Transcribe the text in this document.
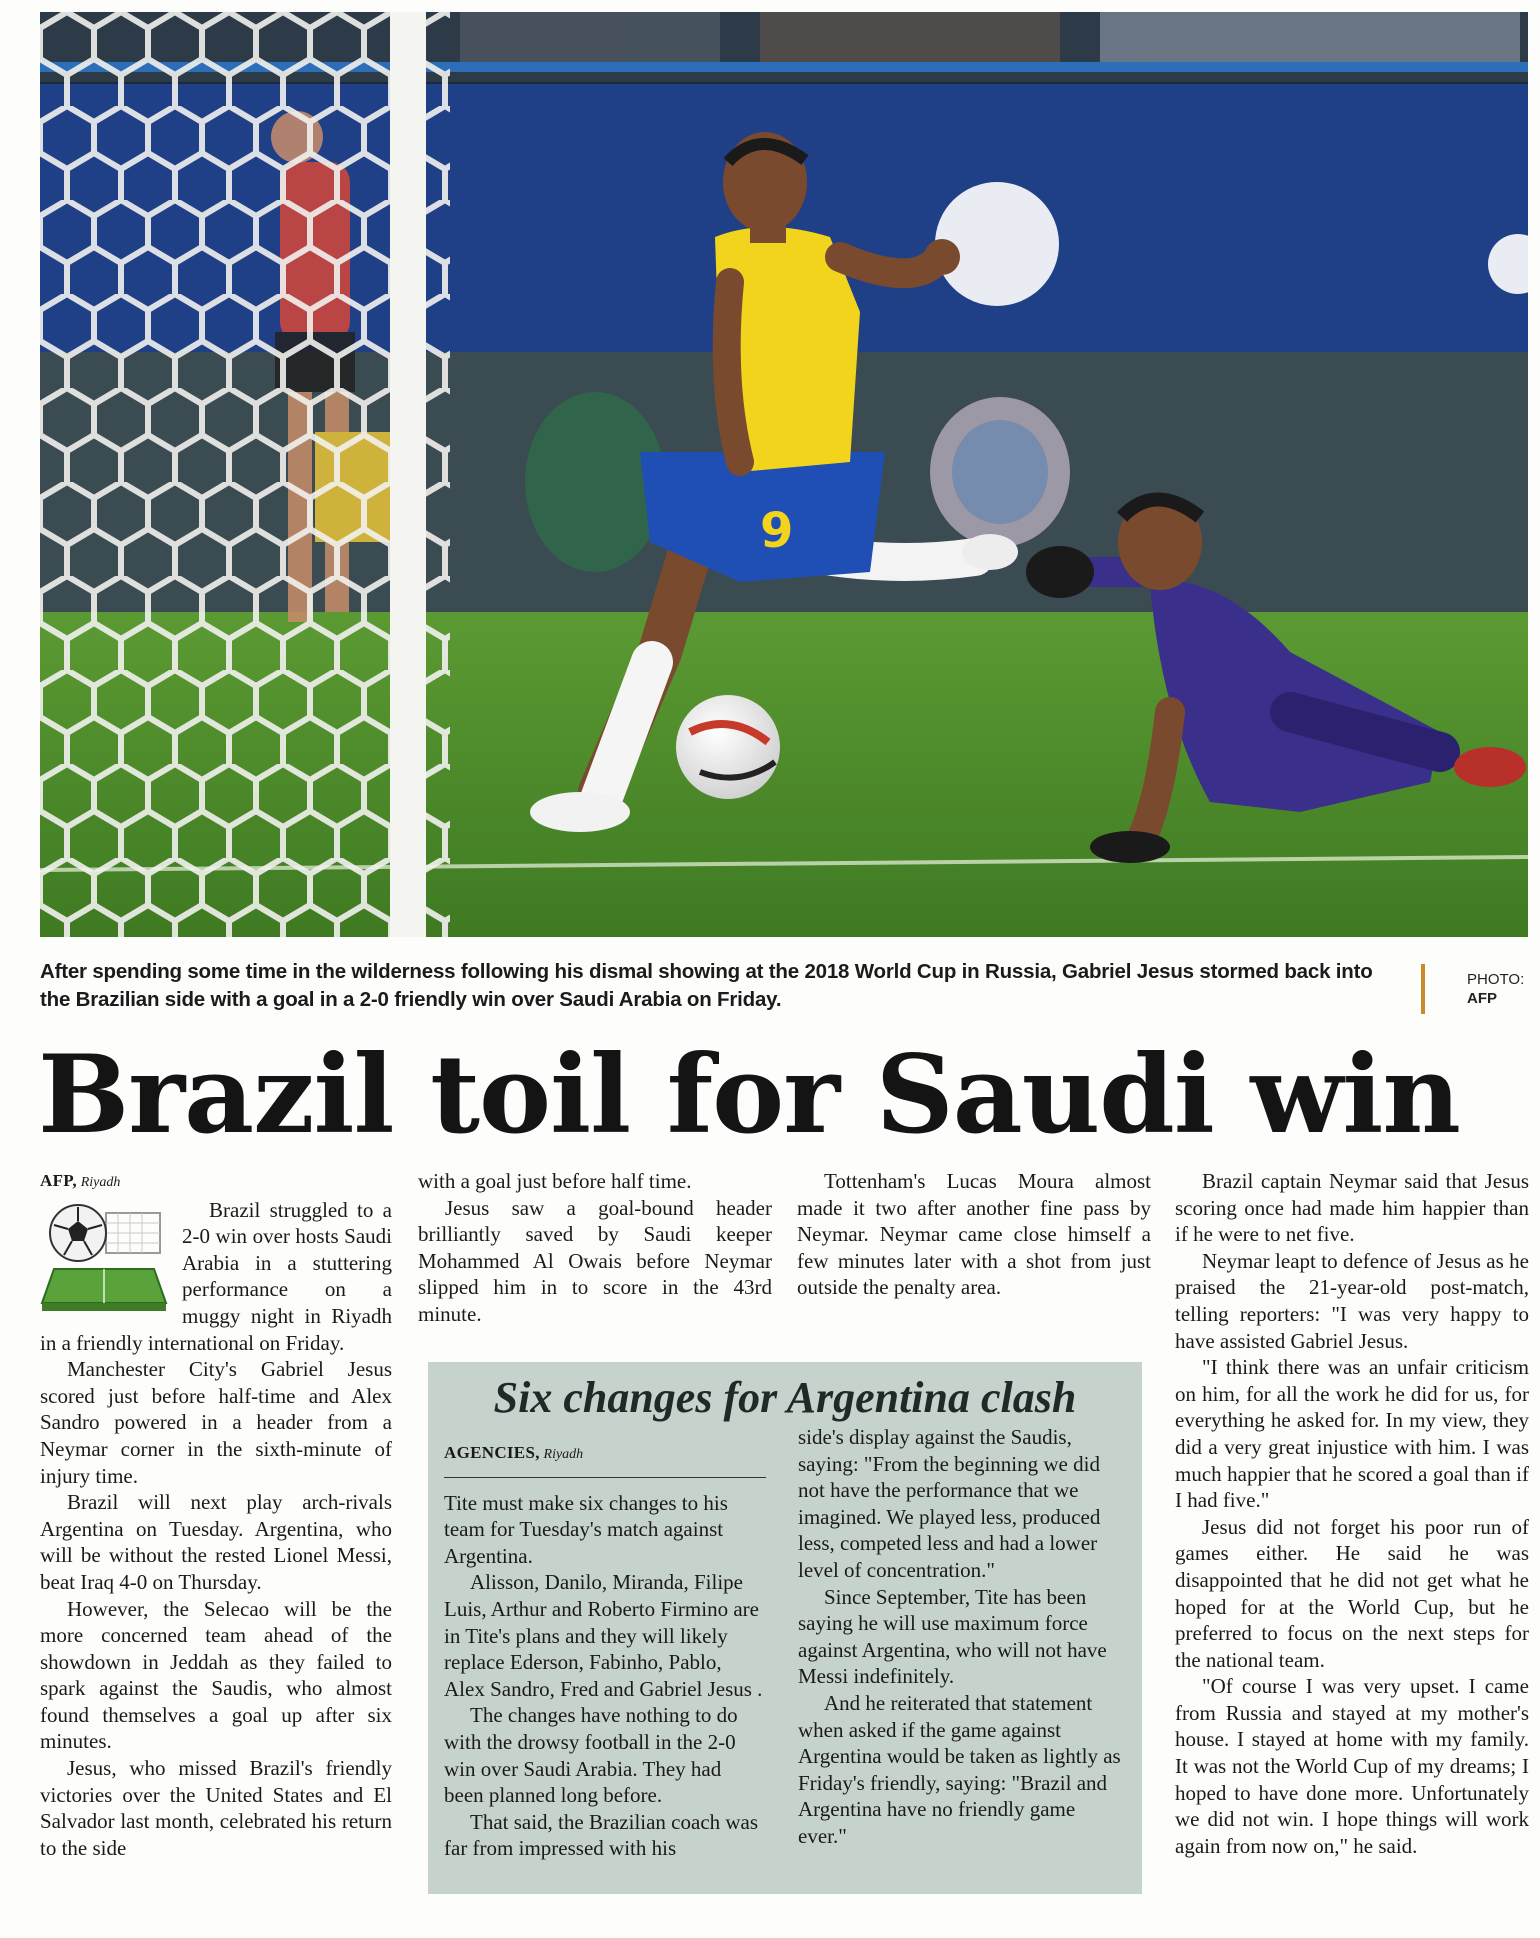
9
After spending some time in the wilderness following his dismal showing at the 2018 World Cup in Russia, Gabriel Jesus stormed back into the Brazilian side with a goal in a 2-0 friendly win over Saudi Arabia on Friday.
PHOTO:
AFP
Brazil toil for Saudi win

AFP, Riyadh

Brazil struggled to a 2-0 win over hosts Saudi Arabia in a stuttering performance on a muggy night in Riyadh in a friendly international on Friday.

Manchester City's Gabriel Jesus scored just before half-time and Alex Sandro powered in a header from a Neymar corner in the sixth-minute of injury time.

Brazil will next play arch-rivals Argentina on Tuesday. Argentina, who will be without the rested Lionel Messi, beat Iraq 4-0 on Thursday.

However, the Selecao will be the more concerned team ahead of the showdown in Jeddah as they failed to spark against the Saudis, who almost found themselves a goal up after six minutes.

Jesus, who missed Brazil's friendly victories over the United States and El Salvador last month, celebrated his return to the side

with a goal just before half time.

Jesus saw a goal-bound header brilliantly saved by Saudi keeper Mohammed Al Owais before Neymar slipped him in to score in the 43rd minute.

Tottenham's Lucas Moura almost made it two after another fine pass by Neymar. Neymar came close himself a few minutes later with a shot from just outside the penalty area.

Brazil captain Neymar said that Jesus scoring once had made him happier than if he were to net five.

Neymar leapt to defence of Jesus as he praised the 21-year-old post-match, telling reporters: "I was very happy to have assisted Gabriel Jesus.

"I think there was an unfair criticism on him, for all the work he did for us, for everything he asked for. In my view, they did a very great injustice with him. I was much happier that he scored a goal than if I had five."

Jesus did not forget his poor run of games either. He said he was disappointed that he did not get what he hoped for at the World Cup, but he preferred to focus on the next steps for the national team.

"Of course I was very upset. I came from Russia and stayed at my mother's house. I stayed at home with my family. It was not the World Cup of my dreams; I hoped to have done more. Unfortunately we did not win. I hope things will work again from now on," he said.

Six changes for Argentina clash

AGENCIES, Riyadh

Tite must make six changes to his team for Tuesday's match against Argentina.

Alisson, Danilo, Miranda, Filipe Luis, Arthur and Roberto Firmino are in Tite's plans and they will likely replace Ederson, Fabinho, Pablo, Alex Sandro, Fred and Gabriel Jesus .

The changes have nothing to do with the drowsy football in the 2-0 win over Saudi Arabia. They had been planned long before.

That said, the Brazilian coach was far from impressed with his

side's display against the Saudis, saying: "From the beginning we did not have the performance that we imagined. We played less, produced less, competed less and had a lower level of concentration."

Since September, Tite has been saying he will use maximum force against Argentina, who will not have Messi indefinitely.

And he reiterated that statement when asked if the game against Argentina would be taken as lightly as Friday's friendly, saying: "Brazil and Argentina have no friendly game ever."
